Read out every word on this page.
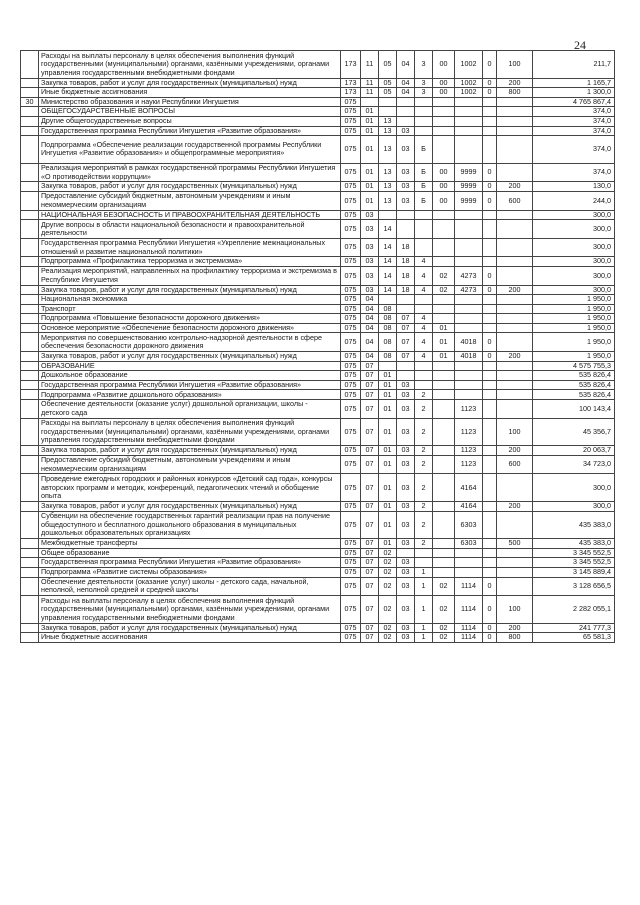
24
	Расходы на выплаты персоналу в целях обеспечения выполнения функций государственными (муниципальными) органами, казёнными учреждениями, органами управления государственными внебюджетными фондами	173	11	05	04	3	00	1002	0	100	211,7
	Закупка товаров, работ и услуг для государственных (муниципальных) нужд	173	11	05	04	3	00	1002	0	200	1 165,7
	Иные бюджетные ассигнования	173	11	05	04	3	00	1002	0	800	1 300,0
30	Министерство образования и науки Республики Ингушетия	075									4 765 867,4
	ОБЩЕГОСУДАРСТВЕННЫЕ ВОПРОСЫ	075	01								374,0
	Другие общегосударственные вопросы	075	01	13							374,0
	Государственная программа Республики Ингушетия «Развитие образования»	075	01	13	03						374,0
	Подпрограмма «Обеспечение реализации государственной программы Республики Ингушетия «Развитие образования» и общепрограммные мероприятия»	075	01	13	03	Б					374,0
	Реализация мероприятий в рамках государственной программы Республики Ингушетия «О противодействии коррупции»	075	01	13	03	Б	00	9999	0		374,0
	Закупка товаров, работ и услуг для государственных (муниципальных) нужд	075	01	13	03	Б	00	9999	0	200	130,0
	Предоставление субсидий бюджетным, автономным учреждениям и иным некоммерческим организациям	075	01	13	03	Б	00	9999	0	600	244,0
	НАЦИОНАЛЬНАЯ БЕЗОПАСНОСТЬ И ПРАВООХРАНИТЕЛЬНАЯ ДЕЯТЕЛЬНОСТЬ	075	03								300,0
	Другие вопросы в области национальной безопасности и правоохранительной деятельности	075	03	14							300,0
	Государственная программа Республики Ингушетия «Укрепление межнациональных отношений и развитие национальной политики»	075	03	14	18						300,0
	Подпрограмма «Профилактика терроризма и экстремизма»	075	03	14	18	4					300,0
	Реализация мероприятий, направленных на профилактику терроризма и экстремизма в Республике Ингушетия	075	03	14	18	4	02	4273	0		300,0
	Закупка товаров, работ и услуг для государственных (муниципальных) нужд	075	03	14	18	4	02	4273	0	200	300,0
	Национальная экономика	075	04								1 950,0
	Транспорт	075	04	08							1 950,0
	Подпрограмма «Повышение безопасности дорожного движения»	075	04	08	07	4					1 950,0
	Основное мероприятие «Обеспечение безопасности дорожного движения»	075	04	08	07	4	01				1 950,0
	Мероприятия по совершенствованию контрольно-надзорной деятельности в сфере обеспечения безопасности дорожного движения	075	04	08	07	4	01	4018	0		1 950,0
	Закупка товаров, работ и услуг для государственных (муниципальных) нужд	075	04	08	07	4	01	4018	0	200	1 950,0
	ОБРАЗОВАНИЕ	075	07								4 575 755,3
	Дошкольное образование	075	07	01							535 826,4
	Государственная программа Республики Ингушетия «Развитие образования»	075	07	01	03						535 826,4
	Подпрограмма «Развитие дошкольного образования»	075	07	01	03	2					535 826,4
	Обеспечение деятельности (оказание услуг) дошкольной организации, школы - детского сада	075	07	01	03	2		1123			100 143,4
	Расходы на выплаты персоналу в целях обеспечения выполнения функций государственными (муниципальными) органами, казёнными учреждениями, органами управления государственными внебюджетными фондами	075	07	01	03	2		1123		100	45 356,7
	Закупка товаров, работ и услуг для государственных (муниципальных) нужд	075	07	01	03	2		1123		200	20 063,7
	Предоставление субсидий бюджетным, автономным учреждениям и иным некоммерческим организациям	075	07	01	03	2		1123		600	34 723,0
	Проведение ежегодных городских и районных конкурсов «Детский сад года», конкурсы авторских программ и методик, конференций, педагогических чтений и обобщение опыта	075	07	01	03	2		4164			300,0
	Закупка товаров, работ и услуг для государственных (муниципальных) нужд	075	07	01	03	2		4164		200	300,0
	Субвенции на обеспечение государственных гарантий реализации прав на получение общедоступного и бесплатного дошкольного образования в муниципальных дошкольных образовательных организациях	075	07	01	03	2		6303			435 383,0
	Межбюджетные трансферты	075	07	01	03	2		6303		500	435 383,0
	Общее образование	075	07	02							3 345 552,5
	Государственная программа Республики Ингушетия «Развитие образования»	075	07	02	03						3 345 552,5
	Подпрограмма «Развитие системы образования»	075	07	02	03	1					3 145 889,4
	Обеспечение деятельности (оказание услуг) школы - детского сада, начальной, неполной, неполной средней и средней школы	075	07	02	03	1	02	1114	0		3 128 656,5
	Расходы на выплаты персоналу в целях обеспечения выполнения функций государственными (муниципальными) органами, казёнными учреждениями, органами управления государственными внебюджетными фондами	075	07	02	03	1	02	1114	0	100	2 282 055,1
	Закупка товаров, работ и услуг для государственных (муниципальных) нужд	075	07	02	03	1	02	1114	0	200	241 777,3
	Иные бюджетные ассигнования	075	07	02	03	1	02	1114	0	800	65 581,3
